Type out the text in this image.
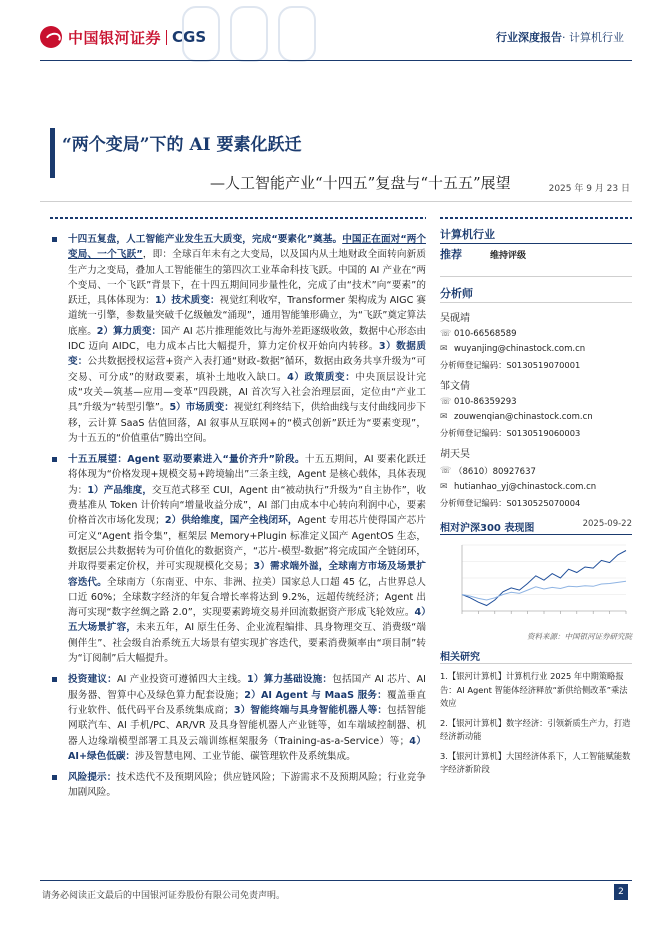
中国银河证券 CGS	行业深度报告· 计算机行业
“两个变局”下的 AI 要素化跃迁
—人工智能产业“十四五”复盘与“十五五”展望	2025 年 9 月 23 日
十四五复盘，人工智能产业发生五大质变，完成“要素化”奠基。中国正在面对“两个变局、一个飞跃”，即：全球百年未有之大变局，以及国内从土地财政全面转向新质生产力之变局，叠加人工智能催生的第四次工业革命科技飞跃。中国的 AI 产业在“两个变局、一个飞跃”背景下，在十四五期间同步量性化，完成了由“技术”向“要素”的跃迁，具体体现为：1）技术质变：视觉红利收窄，Transformer 架构成为 AIGC 赛道统一引擎，参数量突破千亿级触发“涌现”，通用智能雏形确立，为“飞跃”奠定算法底座。2）算力质变：国产 AI 芯片推理能效比与海外差距逐级收敛，数据中心形态由 IDC 迈向 AIDC，电力成本占比大幅提升，算力定价权开始向内转移。3）数据质变：公共数据授权运营+资产入表打通“财政-数据”循环，数据由政务共享升级为“可交易、可分成”的财政要素，填补土地收入缺口。4）政策质变：中央顶层设计完成“攻关—筑基—应用—变革”四段跳，AI 首次写入社会治理层面，定位由“产业工具”升级为“转型引擎”。5）市场质变：视觉红利终结下，供给曲线与支付曲线同步下移，云计算 SaaS 估值回落，AI 叙事从互联网+的“模式创新”跃迁为“要素变现”，为十五五的“价值重估”腾出空间。
十五五展望：Agent 驱动要素进入“量价齐升”阶段。十五五期间，AI 要素化跃迁将体现为“价格发现+规模交易+跨境输出”三条主线，Agent 是核心载体，具体表现为：1）产品维度，交互范式移至 CUI，Agent 由“被动执行”升级为“自主协作”，收费基准从 Token 计价转向“增量收益分成”，AI 部门由成本中心转向利润中心，要素价格首次市场化发现；2）供给维度，国产全栈闭环，Agent 专用芯片使得国产芯片可定义“Agent 指令集”，框架层 Memory+Plugin 标准定义国产 AgentOS 生态，数据层公共数据转为可价值化的数据资产，“芯片-模型-数据”将完成国产全链闭环，并取得要素定价权，并可实现规模化交易；3）需求端外溢，全球南方市场及场景扩容迭代。全球南方（东南亚、中东、非洲、拉美）国家总人口超 45 亿，占世界总人口近 60%；全球数字经济的年复合增长率将达到 9.2%，远超传统经济；Agent 出海可实现“数字丝绸之路 2.0”，实现要素跨境交易并回流数据资产形成飞轮效应。4）五大场景扩容，未来五年，AI 原生任务、企业流程编排、具身物理交互、消费级“端侧伴生”、社会级自治系统五大场景有望实现扩容迭代，要素消费频率由“项目制”转为“订阅制”后大幅提升。
投资建议：AI 产业投资可遵循四大主线。1）算力基础设施：包括国产 AI 芯片、AI 服务器、智算中心及绿色算力配套设施；2）AI Agent 与 MaaS 服务：覆盖垂直行业软件、低代码平台及系统集成商；3）智能终端与具身智能机器人等：包括智能网联汽车、AI 手机/PC、AR/VR 及具身智能机器人产业链等，如车端域控制器、机器人边缘端模型部署工具及云端训练框架服务（Training-as-a-Service）等；4）AI+绿色低碳：涉及智慧电网、工业节能、碳管理软件及系统集成。
风险提示：技术迭代不及预期风险；供应链风险；下游需求不及预期风险；行业竞争加剧风险。
计算机行业
推荐	维持评级
分析师
吴砚靖
☏ 010-66568589
✉ wuyanjing@chinastock.com.cn
分析师登记编码：S0130519070001
邹文倩
☏ 010-86359293
✉ zouwenqian@chinastock.com.cn
分析师登记编码：S0130519060003
胡天昊
☏ （8610）80927637
✉ hutianhao_yj@chinastock.com.cn
分析师登记编码：S0130525070004
相对沪深300 表现图	2025-09-22
资料来源：中国银河证券研究院
相关研究
1.【银河计算机】计算机行业 2025 年中期策略报告：AI Agent 智能体经济释放“新供给侧改革”乘法效应
2.【银河计算机】数字经济：引领新质生产力，打造经济新动能
3.【银河计算机】大国经济体系下，人工智能赋能数字经济新阶段
请务必阅读正文最后的中国银河证券股份有限公司免责声明。	2
